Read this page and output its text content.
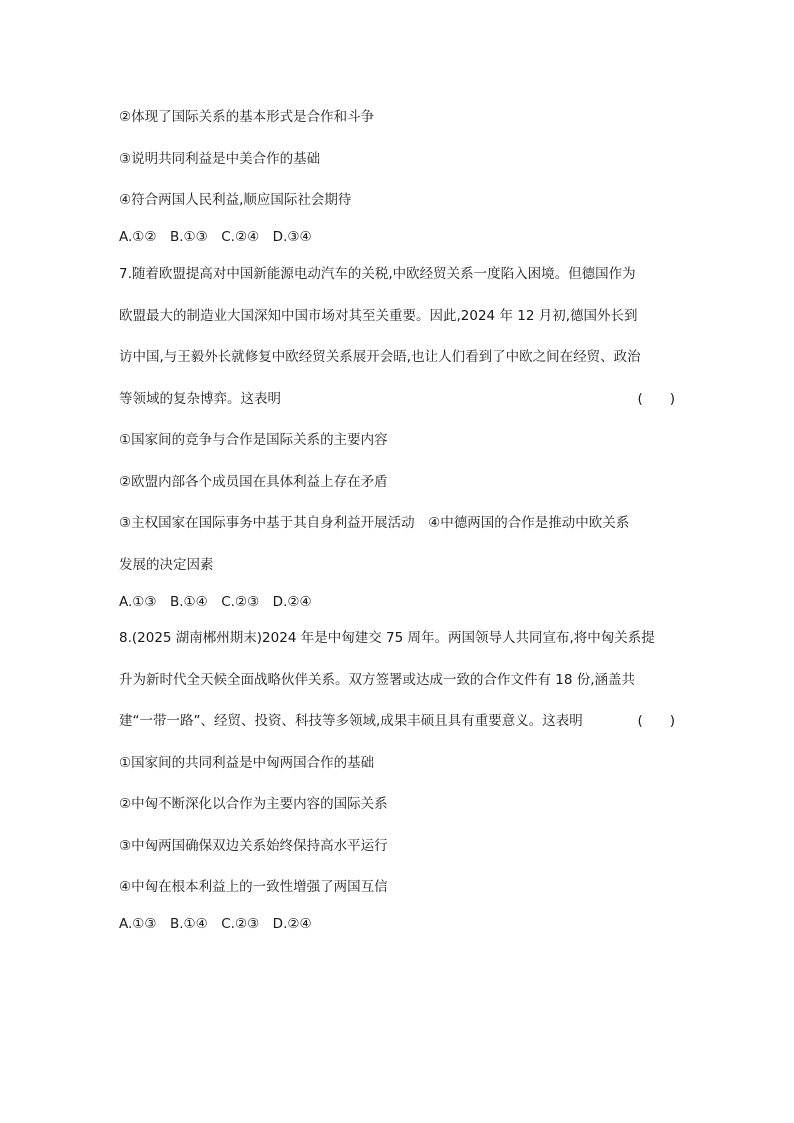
②体现了国际关系的基本形式是合作和斗争
③说明共同利益是中美合作的基础
④符合两国人民利益,顺应国际社会期待
A.①②　B.①③　C.②④　D.③④
7.随着欧盟提高对中国新能源电动汽车的关税,中欧经贸关系一度陷入困境。但德国作为
欧盟最大的制造业大国深知中国市场对其至关重要。因此,2024 年 12 月初,德国外长到
访中国,与王毅外长就修复中欧经贸关系展开会晤,也让人们看到了中欧之间在经贸、政治
等领域的复杂博弈。这表明	(　　)
①国家间的竞争与合作是国际关系的主要内容
②欧盟内部各个成员国在具体利益上存在矛盾
③主权国家在国际事务中基于其自身利益开展活动　④中德两国的合作是推动中欧关系
发展的决定因素
A.①③　B.①④　C.②③　D.②④
8.(2025 湖南郴州期末)2024 年是中匈建交 75 周年。两国领导人共同宣布,将中匈关系提
升为新时代全天候全面战略伙伴关系。双方签署或达成一致的合作文件有 18 份,涵盖共
建“一带一路”、经贸、投资、科技等多领域,成果丰硕且具有重要意义。这表明	(　　)
①国家间的共同利益是中匈两国合作的基础
②中匈不断深化以合作为主要内容的国际关系
③中匈两国确保双边关系始终保持高水平运行
④中匈在根本利益上的一致性增强了两国互信
A.①③　B.①④　C.②③　D.②④
